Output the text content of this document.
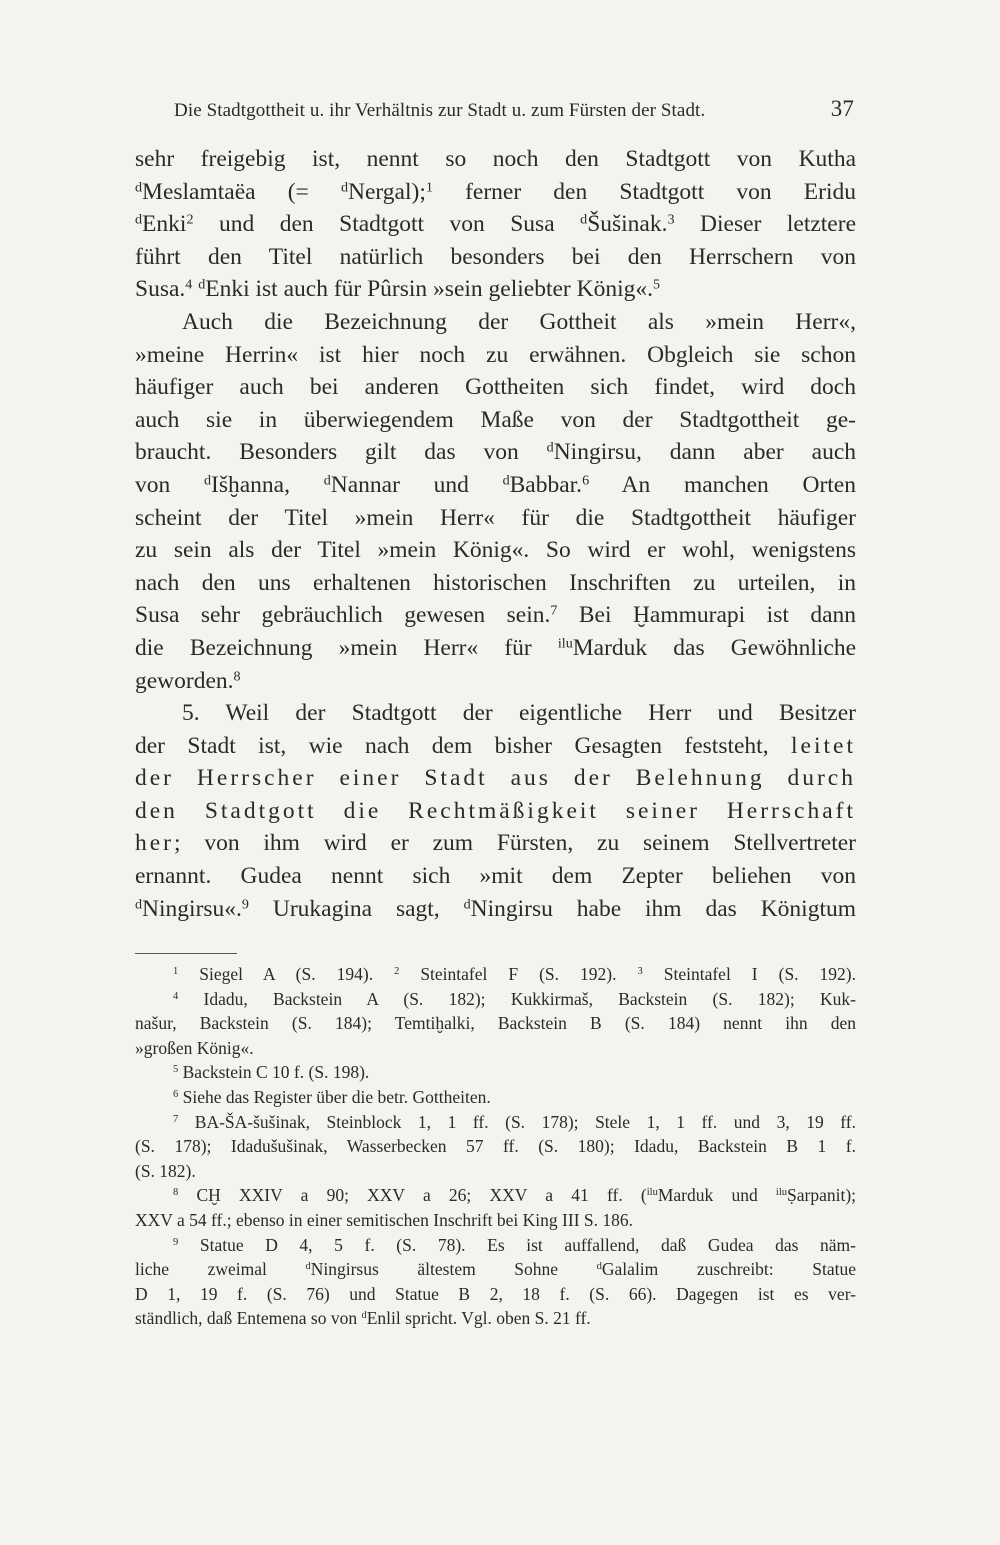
Die Stadtgottheit u. ihr Verhältnis zur Stadt u. zum Fürsten der Stadt.	37
sehr freigebig ist, nennt so noch den Stadtgott von Kutha
$^d$Meslamtaëa (= $^d$Nergal);$^1$ ferner den Stadtgott von Eridu
$^d$Enki$^2$ und den Stadtgott von Susa $^d$Šušinak.$^3$ Dieser letztere
führt den Titel natürlich besonders bei den Herrschern von
Susa.$^4$ $^d$Enki ist auch für Pûrsin »sein geliebter König«.$^5$
Auch die Bezeichnung der Gottheit als »mein Herr«,
»meine Herrin« ist hier noch zu erwähnen. Obgleich sie schon
häufiger auch bei anderen Gottheiten sich findet, wird doch
auch sie in überwiegendem Maße von der Stadtgottheit ge-
braucht. Besonders gilt das von $^d$Ningirsu, dann aber auch
von $^d$Išḫanna, $^d$Nannar und $^d$Babbar.$^6$ An manchen Orten
scheint der Titel »mein Herr« für die Stadtgottheit häufiger
zu sein als der Titel »mein König«. So wird er wohl, wenigstens
nach den uns erhaltenen historischen Inschriften zu urteilen, in
Susa sehr gebräuchlich gewesen sein.$^7$ Bei Ḫammurapi ist dann
die Bezeichnung »mein Herr« für $^{ilu}$Marduk das Gewöhnliche
geworden.$^8$
5. Weil der Stadtgott der eigentliche Herr und Besitzer
der Stadt ist, wie nach dem bisher Gesagten feststeht, leitet
der Herrscher einer Stadt aus der Belehnung durch
den Stadtgott die Rechtmäßigkeit seiner Herrschaft
her; von ihm wird er zum Fürsten, zu seinem Stellvertreter
ernannt. Gudea nennt sich »mit dem Zepter beliehen von
$^d$Ningirsu«.$^9$ Urukagina sagt, $^d$Ningirsu habe ihm das Königtum
$^1$ Siegel A (S. 194). $^2$ Steintafel F (S. 192). $^3$ Steintafel I (S. 192).
$^4$ Idadu, Backstein A (S. 182); Kukkirmaš, Backstein (S. 182); Kuk-
našur, Backstein (S. 184); Temtiḫalki, Backstein B (S. 184) nennt ihn den
»großen König«.
$^5$ Backstein C 10 f. (S. 198).
$^6$ Siehe das Register über die betr. Gottheiten.
$^7$ BA-ŠA-šušinak, Steinblock 1, 1 ff. (S. 178); Stele 1, 1 ff. und 3, 19 ff.
(S. 178); Idadušušinak, Wasserbecken 57 ff. (S. 180); Idadu, Backstein B 1 f.
(S. 182).
$^8$ CḪ XXIV a 90; XXV a 26; XXV a 41 ff. ($^{ilu}$Marduk und $^{ilu}$Ṣarpanit);
XXV a 54 ff.; ebenso in einer semitischen Inschrift bei King III S. 186.
$^9$ Statue D 4, 5 f. (S. 78). Es ist auffallend, daß Gudea das näm-
liche zweimal $^d$Ningirsus ältestem Sohne $^d$Galalim zuschreibt: Statue
D 1, 19 f. (S. 76) und Statue B 2, 18 f. (S. 66). Dagegen ist es ver-
ständlich, daß Entemena so von $^d$Enlil spricht. Vgl. oben S. 21 ff.
